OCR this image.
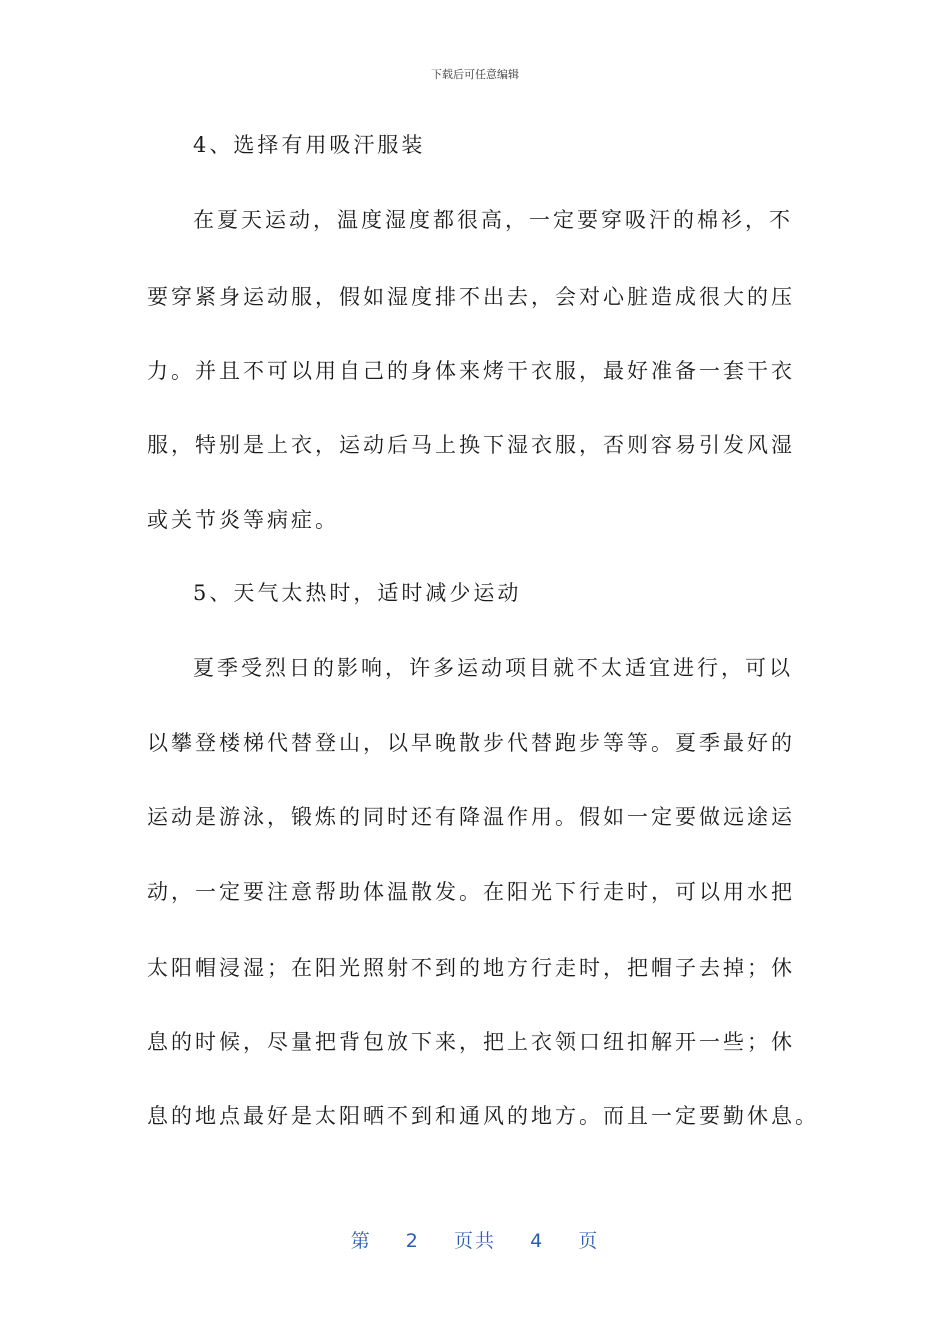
下载后可任意编辑
4、选择有用吸汗服装
在夏天运动，温度湿度都很高，一定要穿吸汗的棉衫，不
要穿紧身运动服，假如湿度排不出去，会对心脏造成很大的压
力。并且不可以用自己的身体来烤干衣服，最好准备一套干衣
服，特别是上衣，运动后马上换下湿衣服，否则容易引发风湿
或关节炎等病症。
5、天气太热时，适时减少运动
夏季受烈日的影响，许多运动项目就不太适宜进行，可以
以攀登楼梯代替登山，以早晚散步代替跑步等等。夏季最好的
运动是游泳，锻炼的同时还有降温作用。假如一定要做远途运
动，一定要注意帮助体温散发。在阳光下行走时，可以用水把
太阳帽浸湿；在阳光照射不到的地方行走时，把帽子去掉；休
息的时候，尽量把背包放下来，把上衣领口纽扣解开一些；休
息的地点最好是太阳晒不到和通风的地方。而且一定要勤休息。
第 2 页共 4 页
